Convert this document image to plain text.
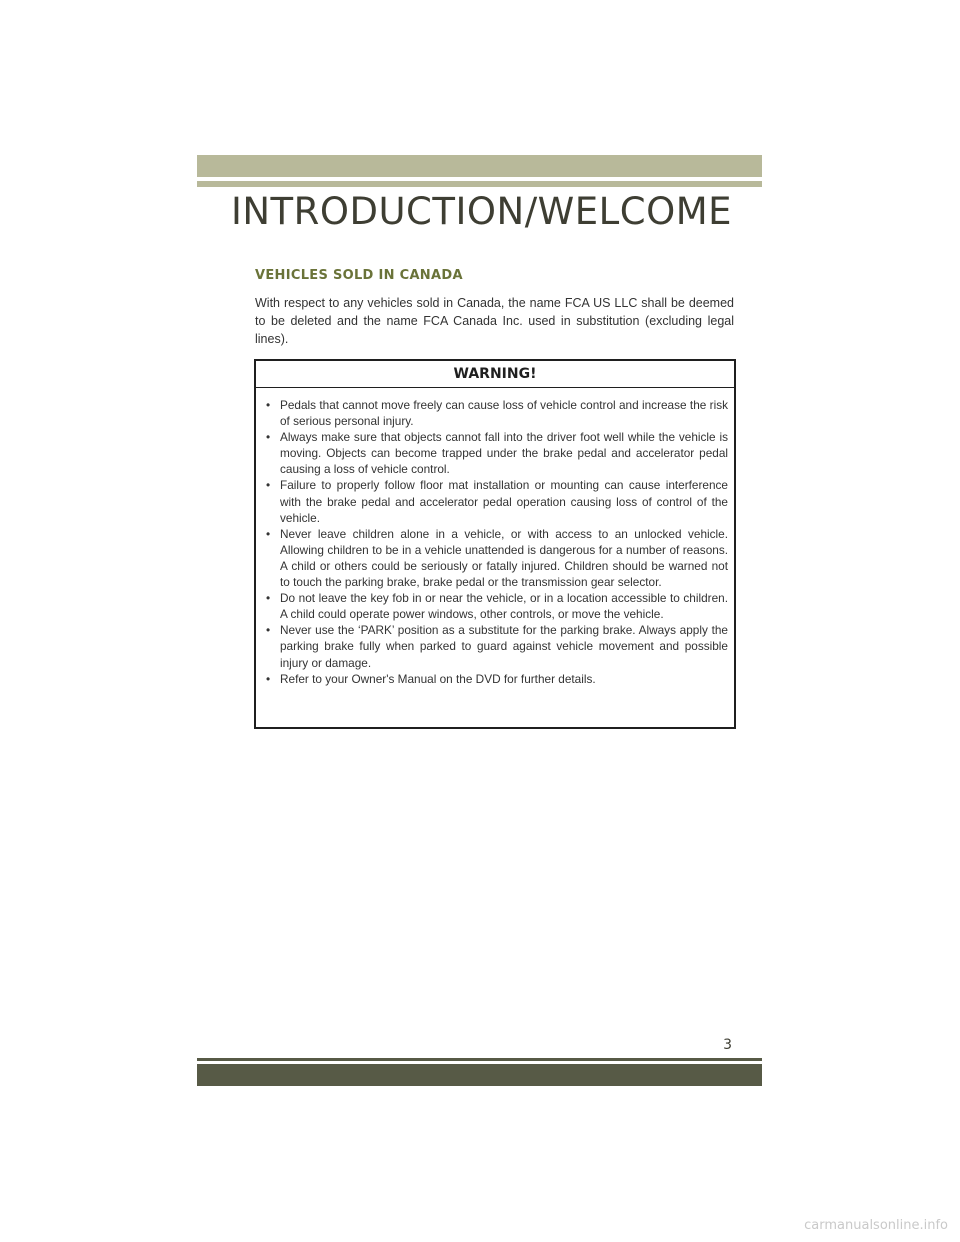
INTRODUCTION/WELCOME
VEHICLES SOLD IN CANADA

With respect to any vehicles sold in Canada, the name FCA US LLC shall be deemed to be deleted and the name FCA Canada Inc. used in substitution (excluding legal lines).

WARNING!
• Pedals that cannot move freely can cause loss of vehicle control and increase the risk of serious personal injury.
• Always make sure that objects cannot fall into the driver foot well while the vehicle is moving. Objects can become trapped under the brake pedal and accelerator pedal causing a loss of vehicle control.
• Failure to properly follow floor mat installation or mounting can cause interference with the brake pedal and accelerator pedal operation causing loss of control of the vehicle.
• Never leave children alone in a vehicle, or with access to an unlocked vehicle. Allowing children to be in a vehicle unattended is dangerous for a number of reasons. A child or others could be seriously or fatally injured. Children should be warned not to touch the parking brake, brake pedal or the transmission gear selector.
• Do not leave the key fob in or near the vehicle, or in a location accessible to children. A child could operate power windows, other controls, or move the vehicle.
• Never use the ‘PARK’ position as a substitute for the parking brake. Always apply the parking brake fully when parked to guard against vehicle movement and possible injury or damage.
• Refer to your Owner's Manual on the DVD for further details.
3
carmanualsonline.info
